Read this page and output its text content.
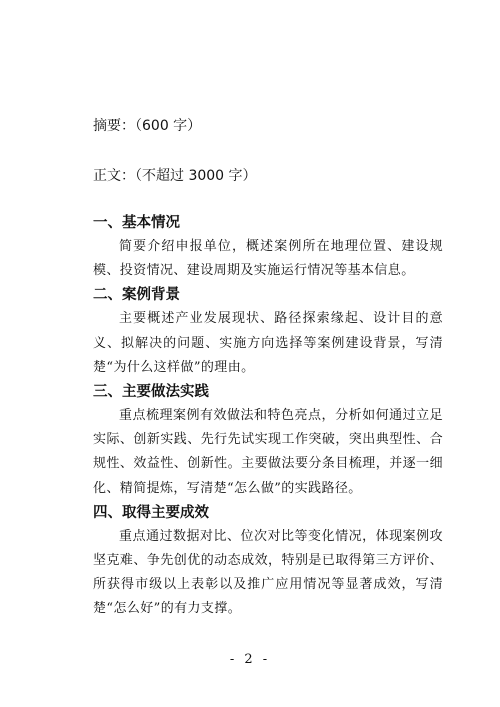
摘要：（600 字）
正文：（不超过 3000 字）

一、基本情况

简要介绍申报单位，概述案例所在地理位置、建设规模、投资情况、建设周期及实施运行情况等基本信息。

二、案例背景

主要概述产业发展现状、路径探索缘起、设计目的意义、拟解决的问题、实施方向选择等案例建设背景，写清楚“为什么这样做”的理由。

三、主要做法实践

重点梳理案例有效做法和特色亮点，分析如何通过立足实际、创新实践、先行先试实现工作突破，突出典型性、合规性、效益性、创新性。主要做法要分条目梳理，并逐一细化、精简提炼，写清楚“怎么做”的实践路径。

四、取得主要成效

重点通过数据对比、位次对比等变化情况，体现案例攻坚克难、争先创优的动态成效，特别是已取得第三方评价、所获得市级以上表彰以及推广应用情况等显著成效，写清楚“怎么好”的有力支撑。

- 2 -
